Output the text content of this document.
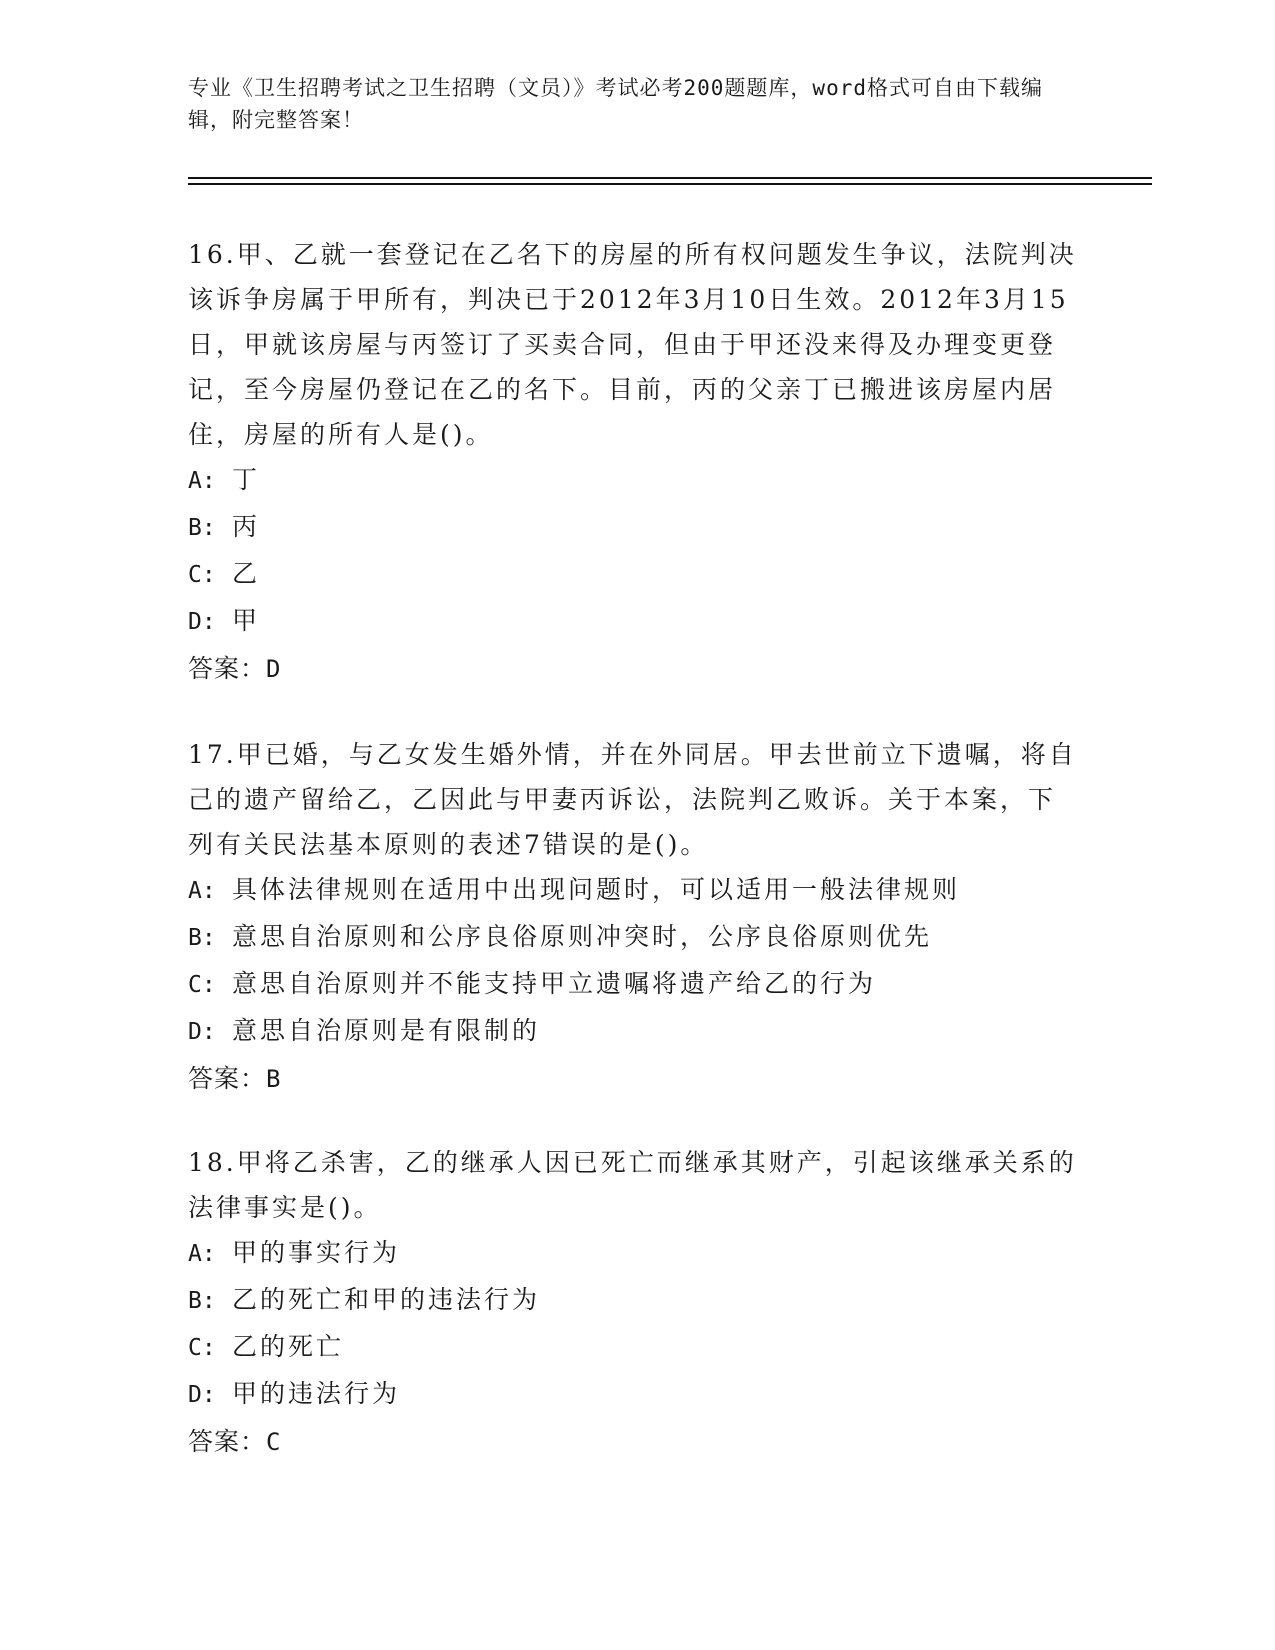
专业《卫生招聘考试之卫生招聘（文员）》考试必考200题题库，word格式可自由下载编辑，附完整答案！

16.甲、乙就一套登记在乙名下的房屋的所有权问题发生争议，法院判决该诉争房属于甲所有，判决已于2012年3月10日生效。2012年3月15日，甲就该房屋与丙签订了买卖合同，但由于甲还没来得及办理变更登记，至今房屋仍登记在乙的名下。目前，丙的父亲丁已搬进该房屋内居住，房屋的所有人是()。

A: 丁

B: 丙

C: 乙

D: 甲

答案：D

17.甲已婚，与乙女发生婚外情，并在外同居。甲去世前立下遗嘱，将自己的遗产留给乙，乙因此与甲妻丙诉讼，法院判乙败诉。关于本案，下列有关民法基本原则的表述7错误的是()。

A: 具体法律规则在适用中出现问题时，可以适用一般法律规则

B: 意思自治原则和公序良俗原则冲突时，公序良俗原则优先

C: 意思自治原则并不能支持甲立遗嘱将遗产给乙的行为

D: 意思自治原则是有限制的

答案：B

18.甲将乙杀害，乙的继承人因已死亡而继承其财产，引起该继承关系的法律事实是()。

A: 甲的事实行为

B: 乙的死亡和甲的违法行为

C: 乙的死亡

D: 甲的违法行为

答案：C
